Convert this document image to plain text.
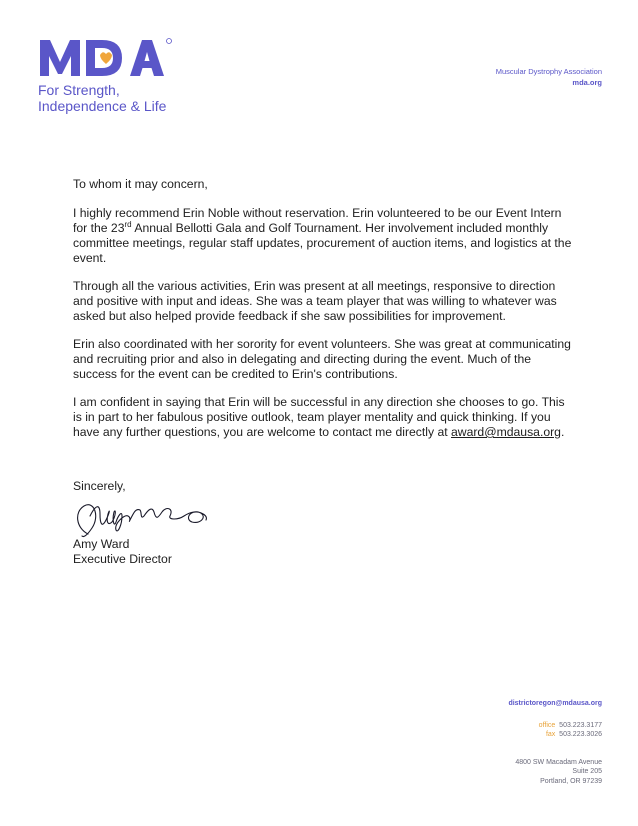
For Strength,
Independence & Life
Muscular Dystrophy Association
mda.org

To whom it may concern,

I highly recommend Erin Noble without reservation. Erin volunteered to be our Event Intern for the 23rd Annual Bellotti Gala and Golf Tournament. Her involvement included monthly committee meetings, regular staff updates, procurement of auction items, and logistics at the event.

Through all the various activities, Erin was present at all meetings, responsive to direction and positive with input and ideas. She was a team player that was willing to whatever was asked but also helped provide feedback if she saw possibilities for improvement.

Erin also coordinated with her sorority for event volunteers. She was great at communicating and recruiting prior and also in delegating and directing during the event. Much of the success for the event can be credited to Erin's contributions.

I am confident in saying that Erin will be successful in any direction she chooses to go. This is in part to her fabulous positive outlook, team player mentality and quick thinking. If you have any further questions, you are welcome to contact me directly at award@mdausa.org.

Sincerely,
Amy Ward
Executive Director
districtoregon@mdausa.org
office 503.223.3177
fax 503.223.3026
4800 SW Macadam Avenue
Suite 205
Portland, OR 97239
